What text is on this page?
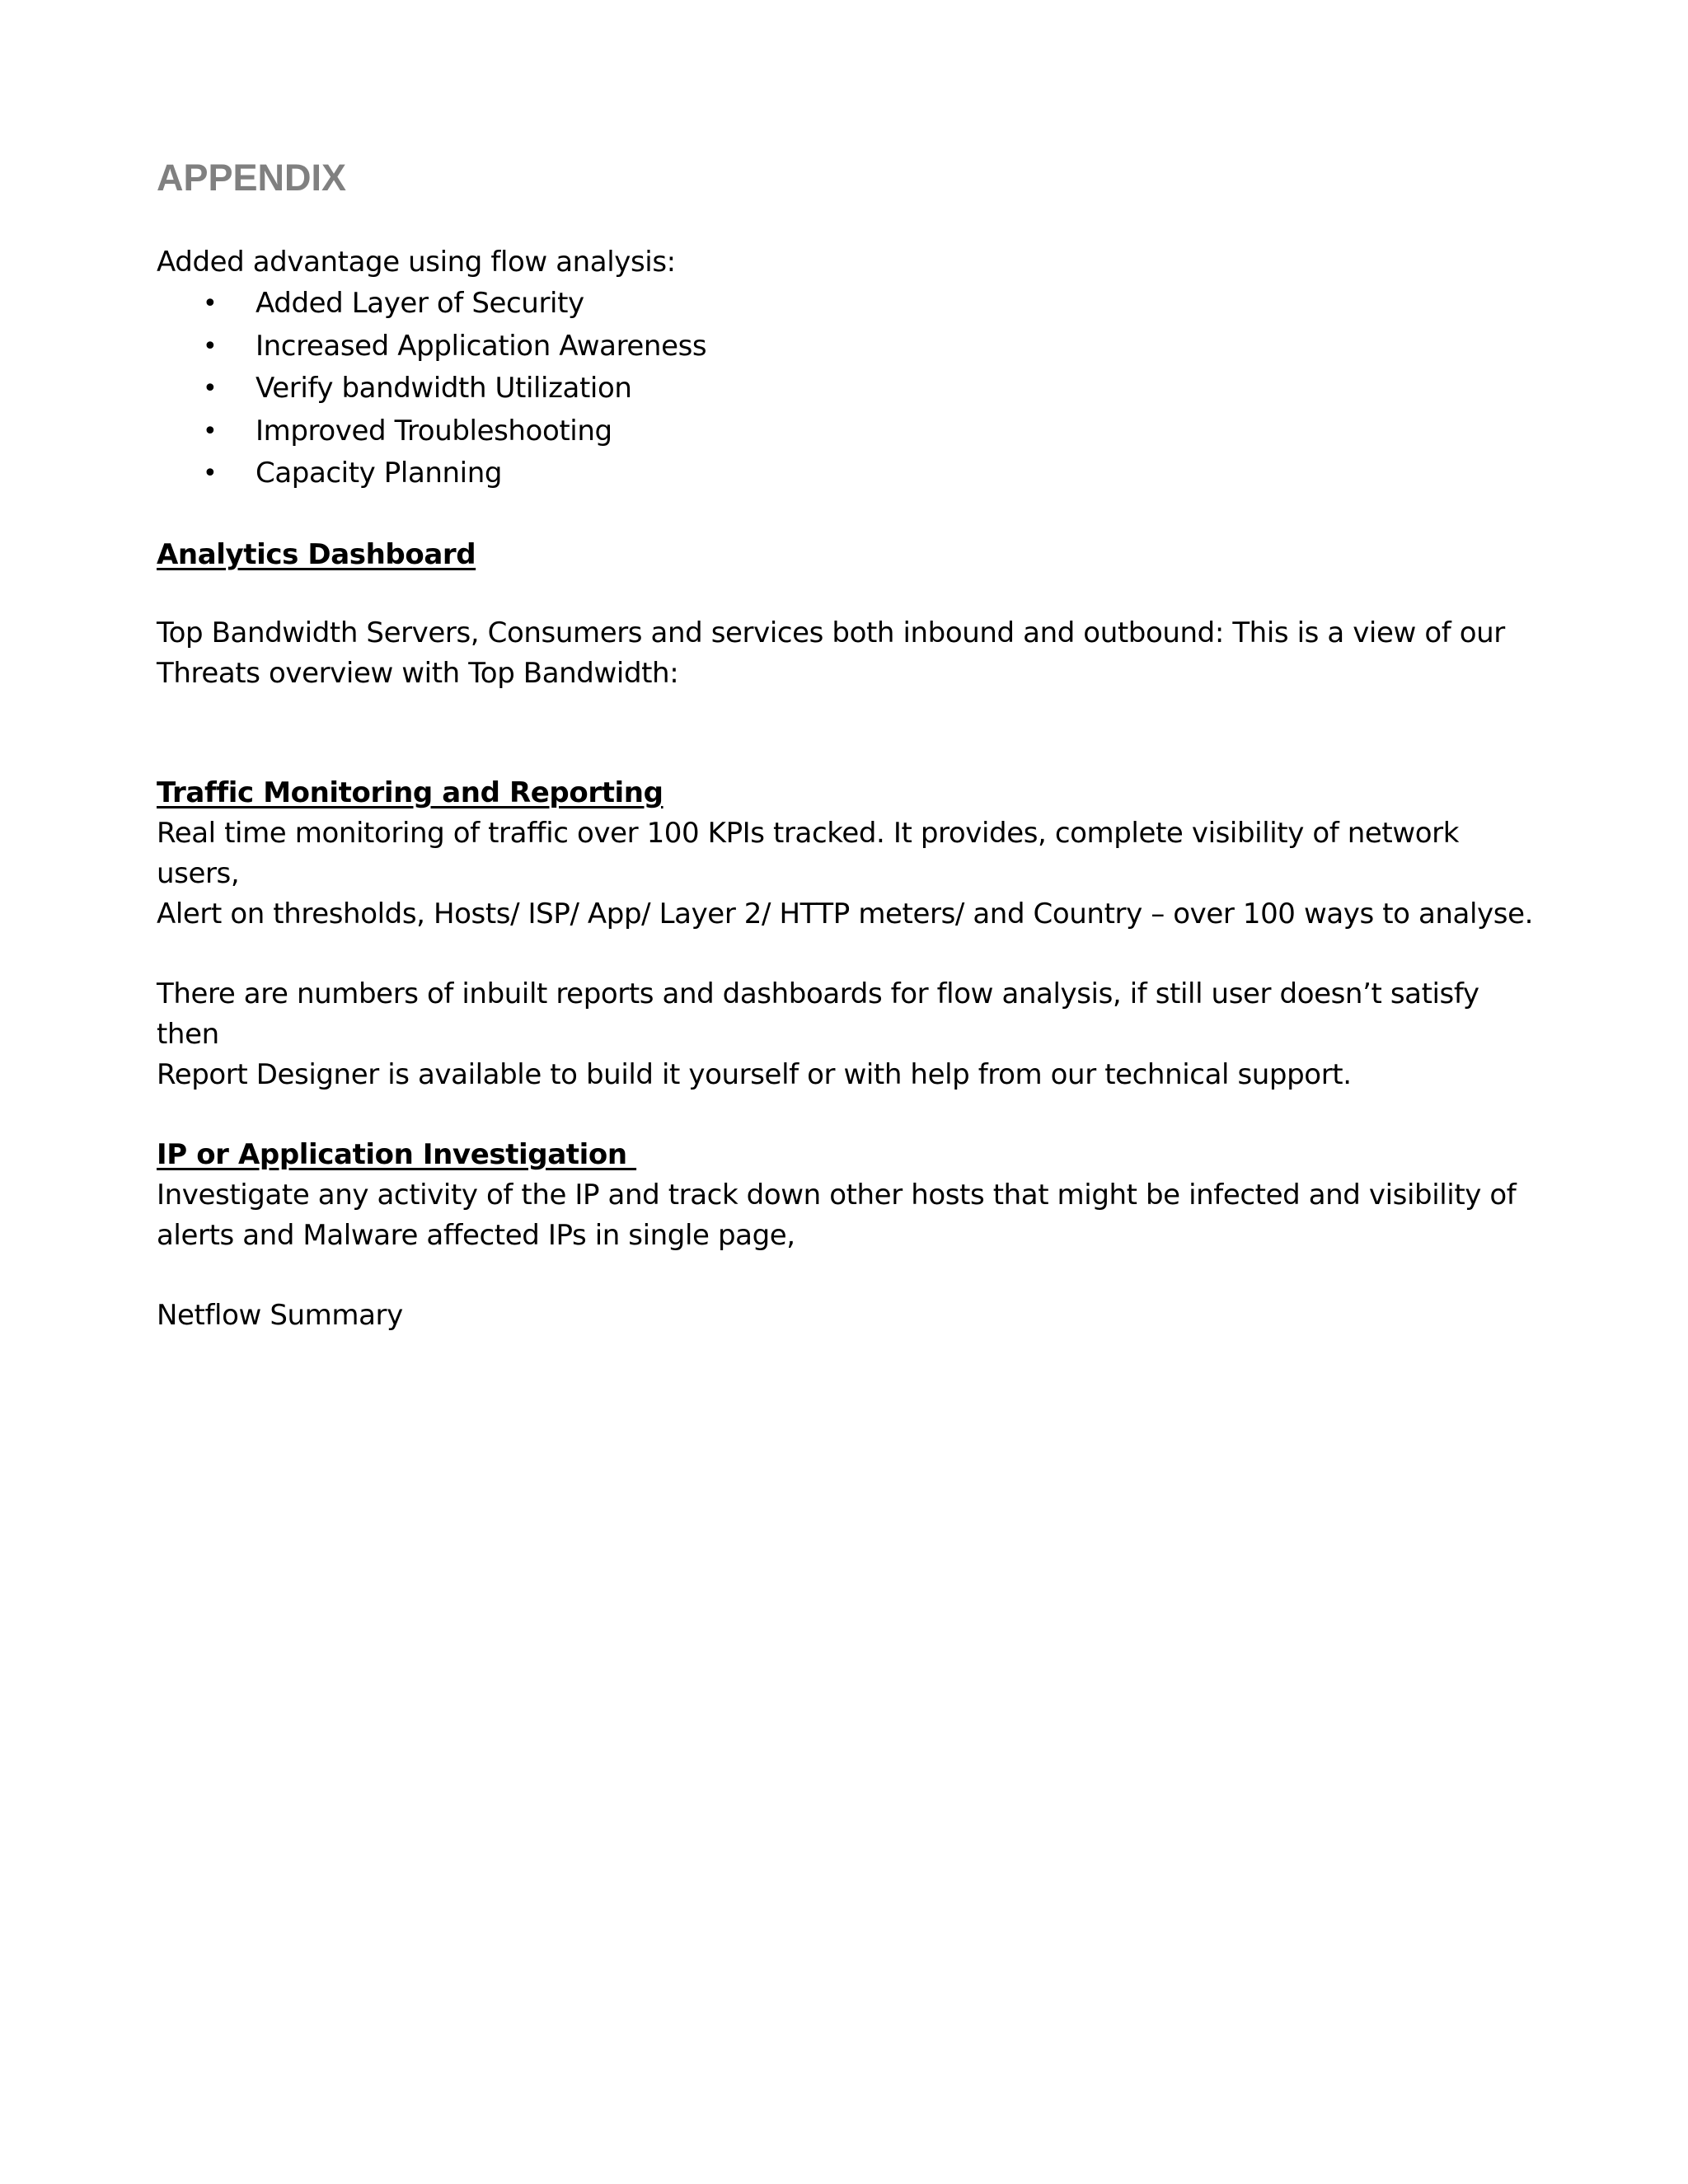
APPENDIX

Added advantage using flow analysis:

• Added Layer of Security
• Increased Application Awareness
• Verify bandwidth Utilization
• Improved Troubleshooting
• Capacity Planning

Analytics Dashboard

Top Bandwidth Servers, Consumers and services both inbound and outbound: This is a view of our

Threats overview with Top Bandwidth:

Traffic Monitoring and Reporting

Real time monitoring of traffic over 100 KPIs tracked. It provides, complete visibility of network users,

Alert on thresholds, Hosts/ ISP/ App/ Layer 2/ HTTP meters/ and Country – over 100 ways to analyse.

There are numbers of inbuilt reports and dashboards for flow analysis, if still user doesn’t satisfy then

Report Designer is available to build it yourself or with help from our technical support.

IP or Application Investigation

Investigate any activity of the IP and track down other hosts that might be infected and visibility of

alerts and Malware affected IPs in single page,

Netflow Summary
